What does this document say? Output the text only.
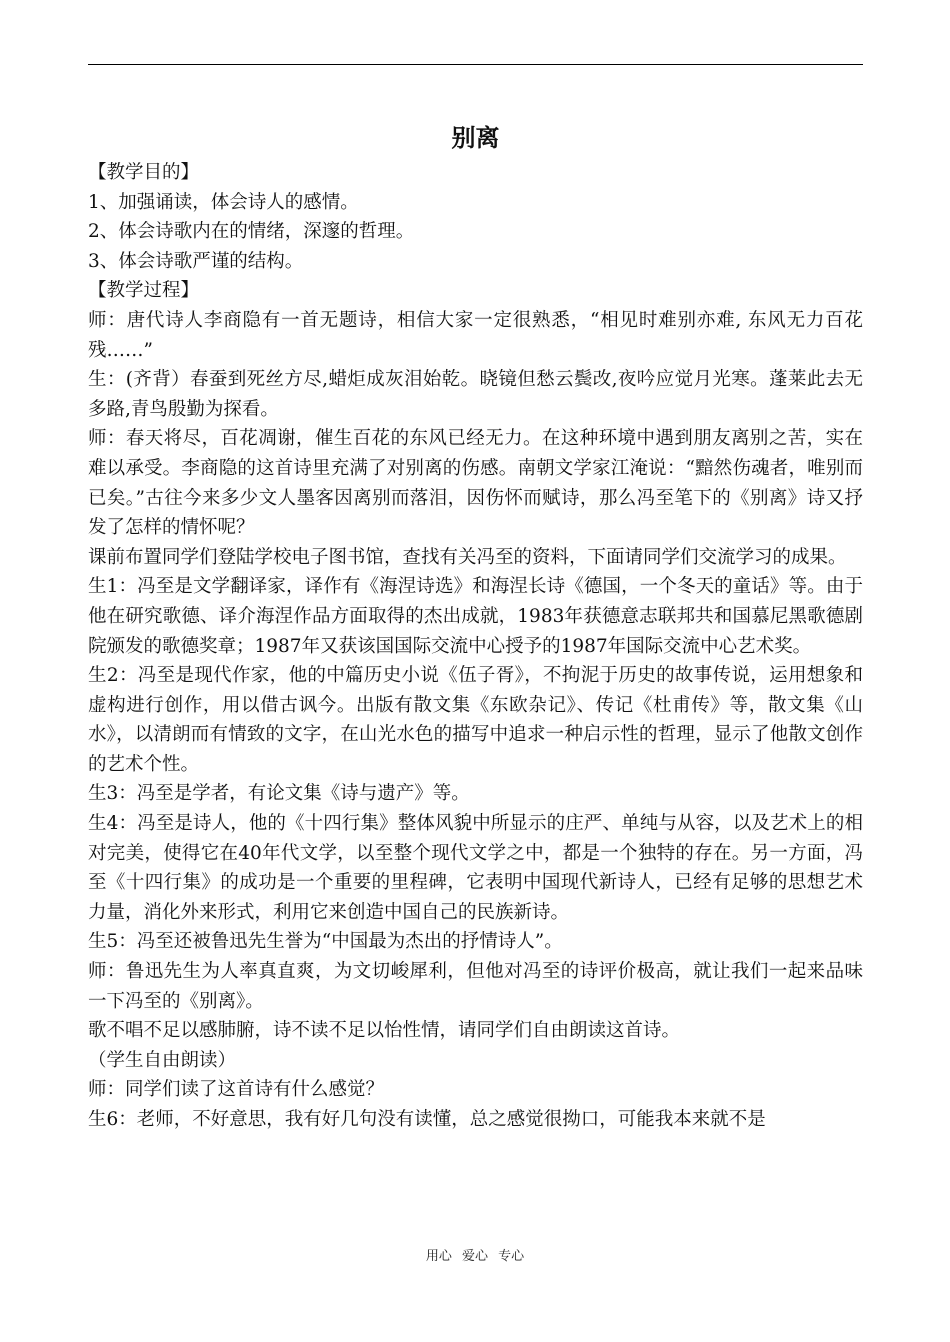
别离

【教学目的】

1、加强诵读，体会诗人的感情。

2、体会诗歌内在的情绪，深邃的哲理。

3、体会诗歌严谨的结构。

【教学过程】

师：唐代诗人李商隐有一首无题诗，相信大家一定很熟悉，“相见时难别亦难, 东风无力百花残……”

生：(齐背）春蚕到死丝方尽,蜡炬成灰泪始乾。晓镜但愁云鬓改,夜吟应觉月光寒。蓬莱此去无多路,青鸟殷勤为探看。

师：春天将尽，百花凋谢，催生百花的东风已经无力。在这种环境中遇到朋友离别之苦，实在难以承受。李商隐的这首诗里充满了对别离的伤感。南朝文学家江淹说：“黯然伤魂者，唯别而已矣。”古往今来多少文人墨客因离别而落泪，因伤怀而赋诗，那么冯至笔下的《别离》诗又抒发了怎样的情怀呢？

课前布置同学们登陆学校电子图书馆，查找有关冯至的资料，下面请同学们交流学习的成果。

生1：冯至是文学翻译家，译作有《海涅诗选》和海涅长诗《德国，一个冬天的童话》等。由于他在研究歌德、译介海涅作品方面取得的杰出成就，1983年获德意志联邦共和国慕尼黑歌德剧院颁发的歌德奖章；1987年又获该国国际交流中心授予的1987年国际交流中心艺术奖。

生2：冯至是现代作家，他的中篇历史小说《伍子胥》，不拘泥于历史的故事传说，运用想象和虚构进行创作，用以借古讽今。出版有散文集《东欧杂记》、传记《杜甫传》等，散文集《山水》，以清朗而有情致的文字，在山光水色的描写中追求一种启示性的哲理，显示了他散文创作的艺术个性。

生3：冯至是学者，有论文集《诗与遗产》等。

生4：冯至是诗人，他的《十四行集》整体风貌中所显示的庄严、单纯与从容，以及艺术上的相对完美，使得它在40年代文学，以至整个现代文学之中，都是一个独特的存在。另一方面，冯至《十四行集》的成功是一个重要的里程碑，它表明中国现代新诗人，已经有足够的思想艺术力量，消化外来形式，利用它来创造中国自己的民族新诗。

生5：冯至还被鲁迅先生誉为“中国最为杰出的抒情诗人”。

师：鲁迅先生为人率真直爽，为文切峻犀利，但他对冯至的诗评价极高，就让我们一起来品味一下冯至的《别离》。

歌不唱不足以感肺腑，诗不读不足以怡性情，请同学们自由朗读这首诗。

（学生自由朗读）

师：同学们读了这首诗有什么感觉？

生6：老师，不好意思，我有好几句没有读懂，总之感觉很拗口，可能我本来就不是

用心 爱心 专心
